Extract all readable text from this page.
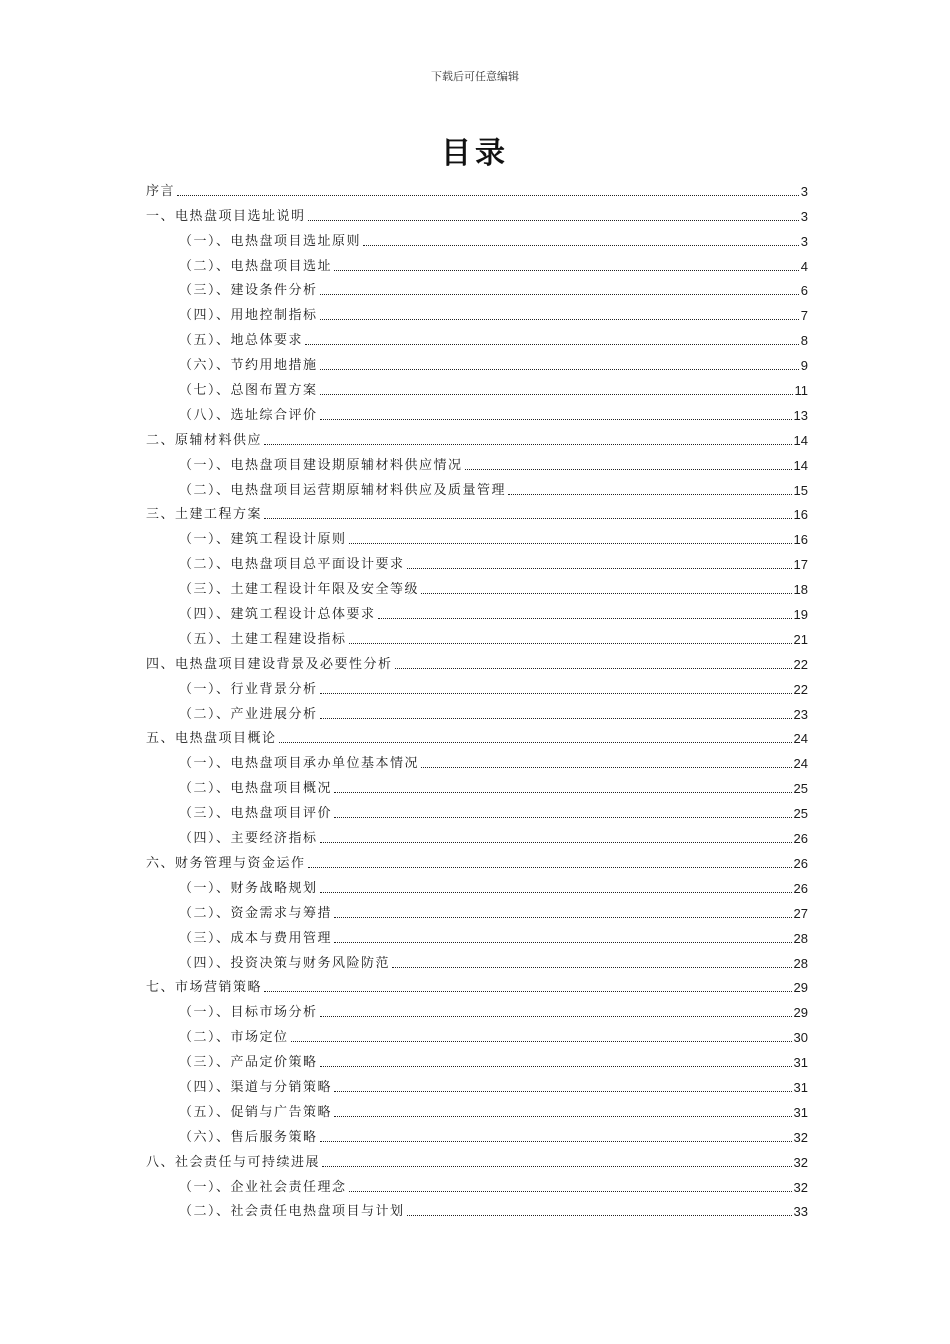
下载后可任意编辑
目录
序言	3
一、电热盘项目选址说明	3
（一）、电热盘项目选址原则	3
（二）、电热盘项目选址	4
（三）、建设条件分析	6
（四）、用地控制指标	7
（五）、地总体要求	8
（六）、节约用地措施	9
（七）、总图布置方案	11
（八）、选址综合评价	13
二、原辅材料供应	14
（一）、电热盘项目建设期原辅材料供应情况	14
（二）、电热盘项目运营期原辅材料供应及质量管理	15
三、土建工程方案	16
（一）、建筑工程设计原则	16
（二）、电热盘项目总平面设计要求	17
（三）、土建工程设计年限及安全等级	18
（四）、建筑工程设计总体要求	19
（五）、土建工程建设指标	21
四、电热盘项目建设背景及必要性分析	22
（一）、行业背景分析	22
（二）、产业进展分析	23
五、电热盘项目概论	24
（一）、电热盘项目承办单位基本情况	24
（二）、电热盘项目概况	25
（三）、电热盘项目评价	25
（四）、主要经济指标	26
六、财务管理与资金运作	26
（一）、财务战略规划	26
（二）、资金需求与筹措	27
（三）、成本与费用管理	28
（四）、投资决策与财务风险防范	28
七、市场营销策略	29
（一）、目标市场分析	29
（二）、市场定位	30
（三）、产品定价策略	31
（四）、渠道与分销策略	31
（五）、促销与广告策略	31
（六）、售后服务策略	32
八、社会责任与可持续进展	32
（一）、企业社会责任理念	32
（二）、社会责任电热盘项目与计划	33
